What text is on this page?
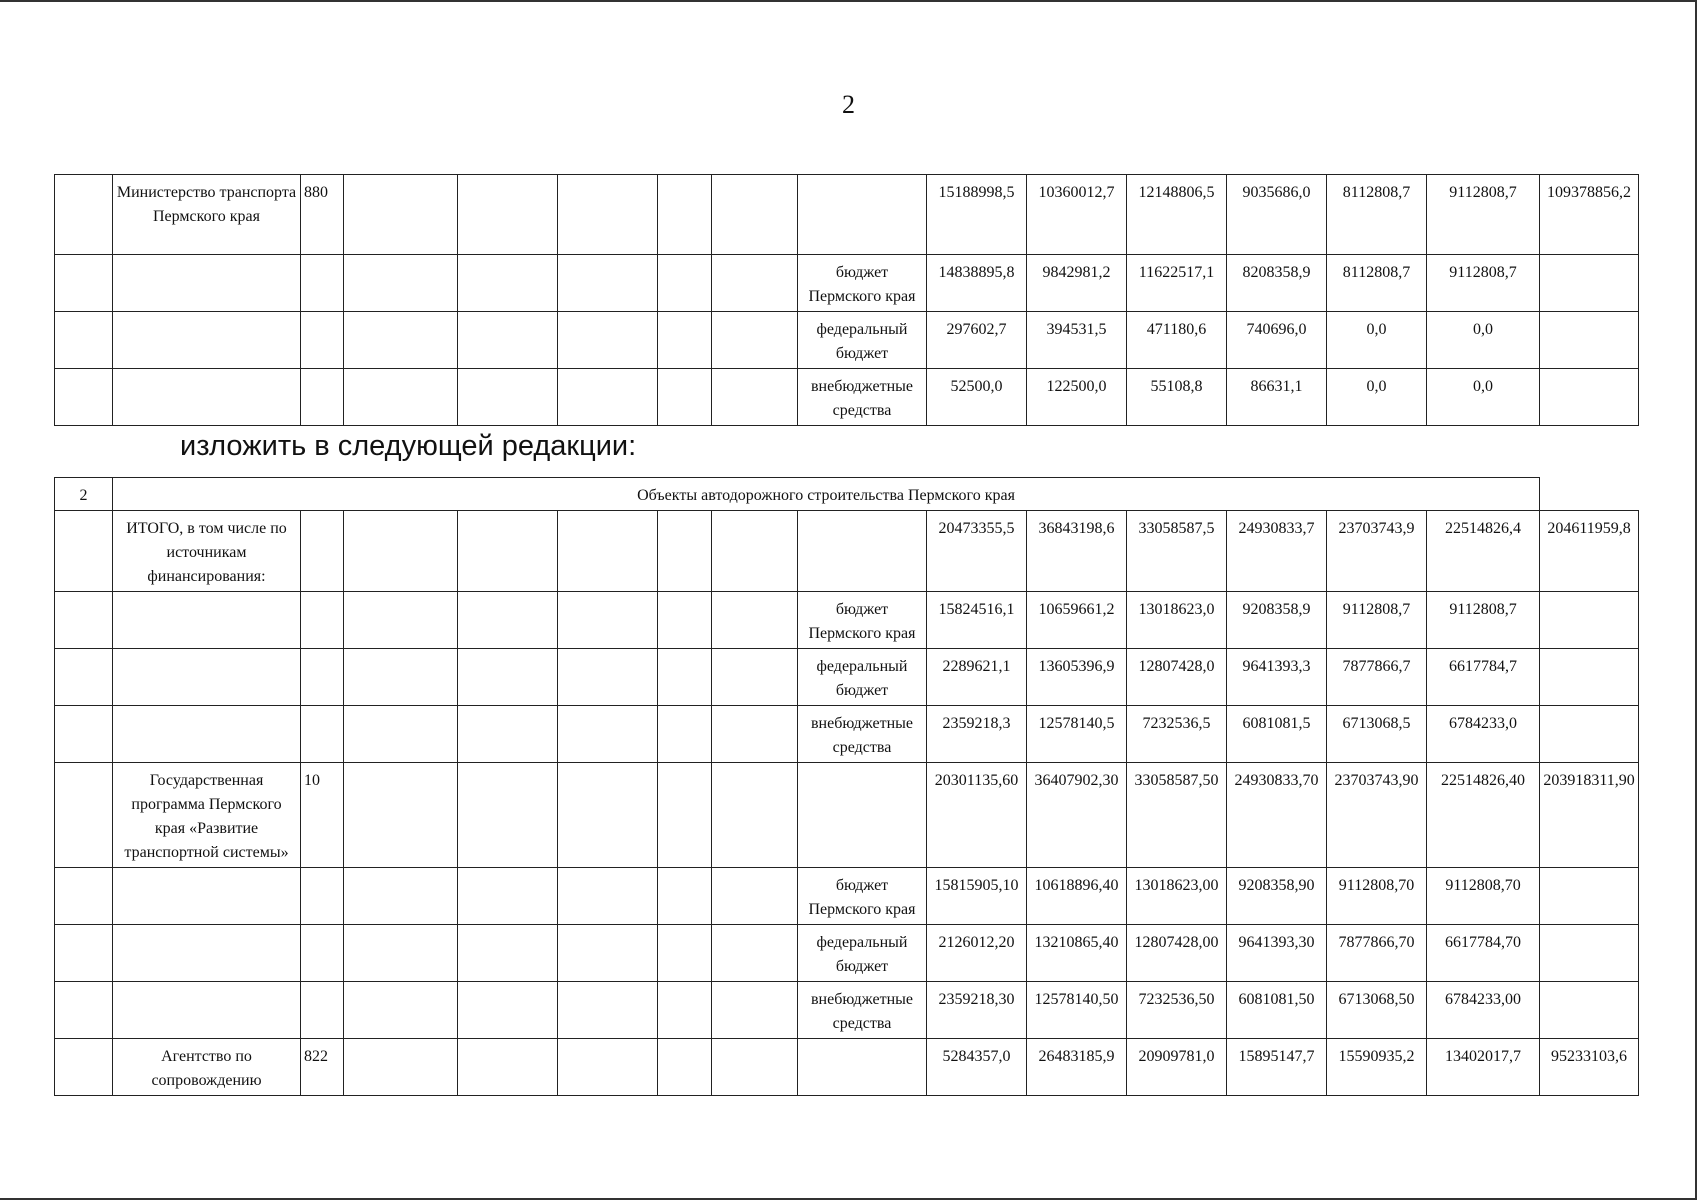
2
	Министерство транспорта Пермского края	880							15188998,5	10360012,7	12148806,5	9035686,0	8112808,7	9112808,7	109378856,2
								бюджет Пермского края	14838895,8	9842981,2	11622517,1	8208358,9	8112808,7	9112808,7	
								федеральный бюджет	297602,7	394531,5	471180,6	740696,0	0,0	0,0	
								внебюджетные средства	52500,0	122500,0	55108,8	86631,1	0,0	0,0	
изложить в следующей редакции:
2	Объекты автодорожного строительства Пермского края														
	ИТОГО, в том числе по источникам финансирования:								20473355,5	36843198,6	33058587,5	24930833,7	23703743,9	22514826,4	204611959,8
								бюджет Пермского края	15824516,1	10659661,2	13018623,0	9208358,9	9112808,7	9112808,7	
								федеральный бюджет	2289621,1	13605396,9	12807428,0	9641393,3	7877866,7	6617784,7	
								внебюджетные средства	2359218,3	12578140,5	7232536,5	6081081,5	6713068,5	6784233,0	
	Государственная программа Пермского края «Развитие транспортной системы»	10							20301135,60	36407902,30	33058587,50	24930833,70	23703743,90	22514826,40	203918311,90
								бюджет Пермского края	15815905,10	10618896,40	13018623,00	9208358,90	9112808,70	9112808,70	
								федеральный бюджет	2126012,20	13210865,40	12807428,00	9641393,30	7877866,70	6617784,70	
								внебюджетные средства	2359218,30	12578140,50	7232536,50	6081081,50	6713068,50	6784233,00	
	Агентство по сопровождению	822							5284357,0	26483185,9	20909781,0	15895147,7	15590935,2	13402017,7	95233103,6
